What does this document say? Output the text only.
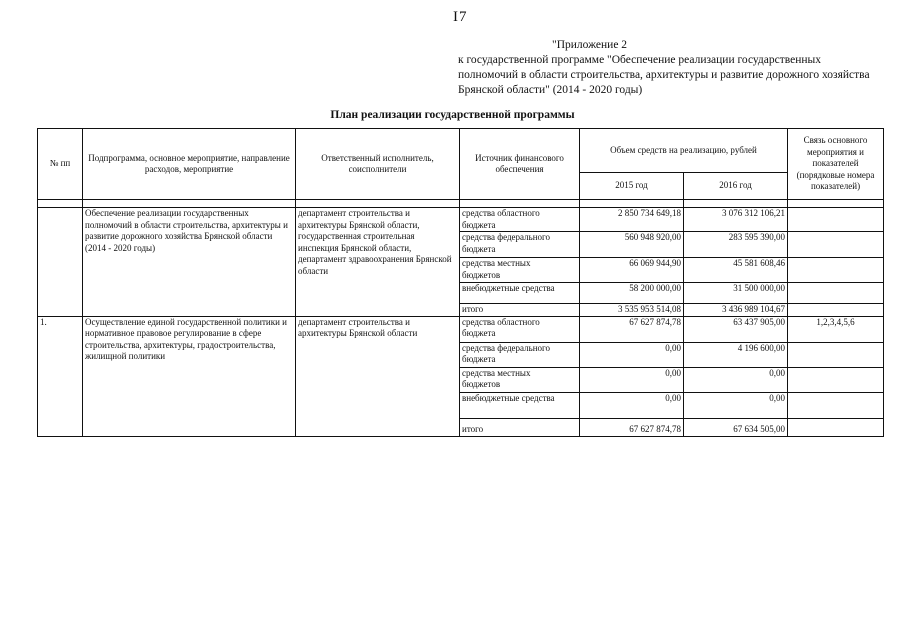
I7
"Приложение 2
к государственной программе "Обеспечение реализации государственных полномочий в области строительства, архитектуры и развитие дорожного хозяйства Брянской области" (2014 - 2020 годы)
План реализации государственной программы
№ пп	Подпрограмма, основное мероприятие, направление расходов, мероприятие	Ответственный исполнитель, соисполнители	Источник финансового обеспечения	Объем средств на реализацию, рублей		Связь основного мероприятия и показателей
(порядковые номера показателей)
				2015 год	2016 год	

	Обеспечение реализации государственных полномочий в области строительства, архитектуры и развитие дорожного хозяйства Брянской области (2014 - 2020 годы)	департамент строительства и архитектуры Брянской области, государственная строительная инспекция Брянской области, департамент здравоохранения Брянской области	средства областного
бюджета	2 850 734 649,18	3 076 312 106,21	
			средства федерального
бюджета	560 948 920,00	283 595 390,00	
			средства местных
бюджетов	66 069 944,90	45 581 608,46	
			внебюджетные средства	58 200 000,00	31 500 000,00	
			итого	3 535 953 514,08	3 436 989 104,67	
1.	Осуществление единой государственной политики и нормативное правовое регулирование в сфере строительства, архитектуры, градостроительства, жилищной политики	департамент строительства и архитектуры Брянской области	средства областного
бюджета	67 627 874,78	63 437 905,00	1,2,3,4,5,6
			средства федерального
бюджета	0,00	4 196 600,00	
			средства местных
бюджетов	0,00	0,00	
			внебюджетные средства	0,00	0,00	
			итого	67 627 874,78	67 634 505,00	
